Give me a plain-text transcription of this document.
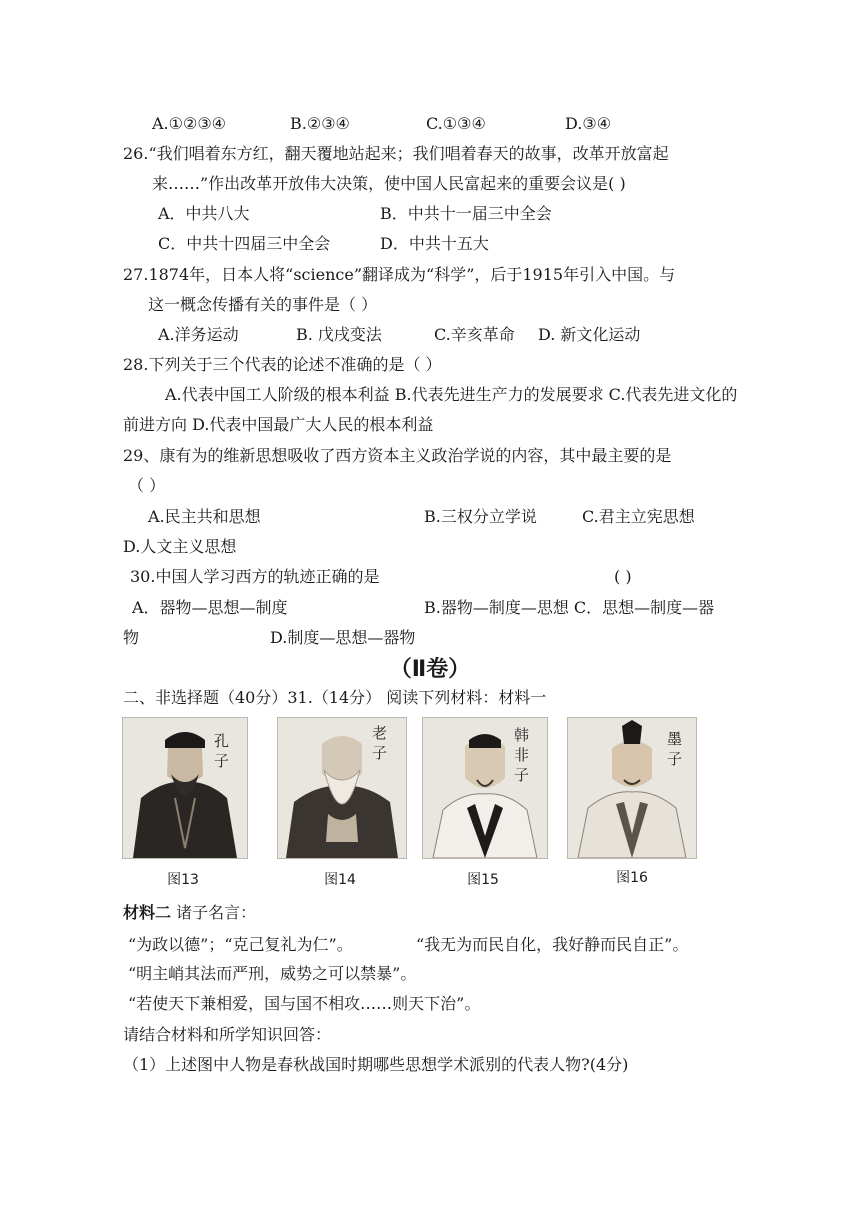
A.①②③④	B.②③④	C.①③④	D.③④
26.“我们唱着东方红，翻天覆地站起来；我们唱着春天的故事，改革开放富起
来……”作出改革开放伟大决策，使中国人民富起来的重要会议是( )
A．中共八大	B．中共十一届三中全会
C．中共十四届三中全会	D．中共十五大
27.1874年，日本人将“science”翻译成为“科学”，后于1915年引入中国。与
这一概念传播有关的事件是（ ）
A.洋务运动	B. 戊戌变法	C.辛亥革命 D. 新文化运动
28.下列关于三个代表的论述不准确的是（ ）
A.代表中国工人阶级的根本利益 B.代表先进生产力的发展要求 C.代表先进文化的
前进方向 D.代表中国最广大人民的根本利益
29、康有为的维新思想吸收了西方资本主义政治学说的内容，其中最主要的是
（ ）
A.民主共和思想	B.三权分立学说	C.君主立宪思想
D.人文主义思想
30.中国人学习西方的轨迹正确的是	( )
A．器物—思想—制度	B.器物—制度—思想 C．思想—制度—器
物	D.制度—思想—器物
（Ⅱ卷）
二、非选择题（40分）31.（14分） 阅读下列材料：材料一
孔
子
图13
老
子
图14
韩
非
子
图15
墨
子
图16
材料二 诸子名言：
“为政以德”；“克己复礼为仁”。	“我无为而民自化，我好静而民自正”。
“明主峭其法而严刑，威势之可以禁暴”。
“若使天下兼相爱，国与国不相攻……则天下治”。
请结合材料和所学知识回答：
（1）上述图中人物是春秋战国时期哪些思想学术派别的代表人物?(4分)
